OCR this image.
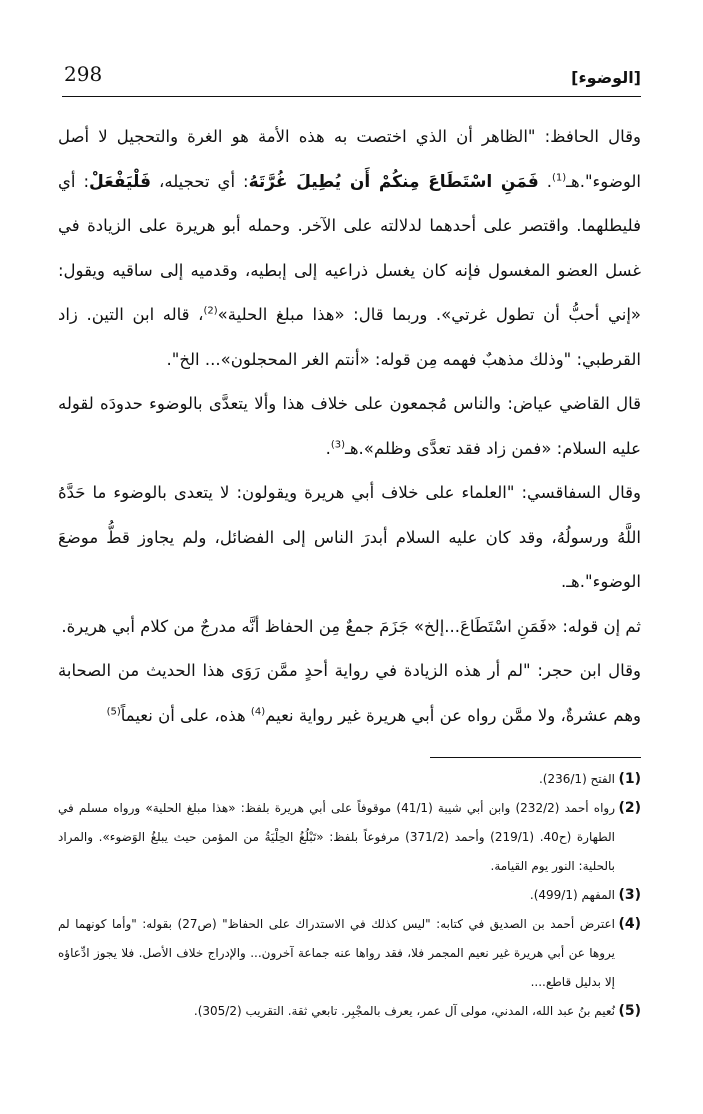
298	[الوضوء]

وقال الحافظ: "الظاهر أن الذي اختصت به هذه الأمة هو الغرة والتحجيل لا أصل الوضوء".هـ$^{(1)}$. فَمَنِ اسْتَطَاعَ مِنكُمْ أَن يُطِيلَ غُرَّتَهُ: أي تحجيله، فَلْيَفْعَلْ: أي فليطلهما. واقتصر على أحدهما لدلالته على الآخر. وحمله أبو هريرة على الزيادة في غسل العضو المغسول فإنه كان يغسل ذراعيه إلى إبطيه، وقدميه إلى ساقيه ويقول: «إني أحبُّ أن تطول غرتي». وربما قال: «هذا مبلغ الحلية»$^{(2)}$، قاله ابن التين. زاد القرطبي: "وذلك مذهبٌ فهمه مِن قوله: «أنتم الغر المحجلون»... الخ".

قال القاضي عياض: والناس مُجمعون على خلاف هذا وألا يتعدَّى بالوضوء حدودَه لقوله عليه السلام: «فمن زاد فقد تعدَّى وظلم».هـ$^{(3)}$.

وقال السفاقسي: "العلماء على خلاف أبي هريرة ويقولون: لا يتعدى بالوضوء ما حَدَّهُ اللَّهُ ورسولُهُ، وقد كان عليه السلام أبدرَ الناس إلى الفضائل، ولم يجاوز قطُّ موضعَ الوضوء".هـ.

ثم إن قوله: «فَمَنِ اسْتَطَاعَ...إلخ» جَزَمَ جمعٌ مِن الحفاظ أنَّه مدرجٌ من كلام أبي هريرة.

وقال ابن حجر: "لم أر هذه الزيادة في رواية أحدٍ ممَّن رَوَى هذا الحديث من الصحابة وهم عشرةٌ، ولا ممَّن رواه عن أبي هريرة غير رواية نعيم$^{(4)}$ هذه، على أن نعيماً$^{(5)}$

(1)
الفتح (236/1).

(2)
رواه أحمد (232/2) وابن أبي شيبة (41/1) موقوفاً على أبي هريرة بلفظ: «هذا مبلغ الحلية» ورواه مسلم في الطهارة (ح40. (219/1) وأحمد (371/2) مرفوعاً بلفظ: «تَبْلُغُ الحِلْيَةُ من المؤمن حيث يبلغُ الوَضوء». والمراد بالحلية: النور يوم القيامة.

(3)
المفهم (499/1).

(4)
اعترض أحمد بن الصديق في كتابه: "ليس كذلك في الاستدراك على الحفاظ" (ص27) بقوله: "وأما كونهما لم يروها عن أبي هريرة غير نعيم المجمر فلا، فقد رواها عنه جماعة آخرون... والإدراج خلاف الأصل. فلا يجوز ادِّعاؤه إلا بدليل قاطع....

(5)
نُعيم بنُ عبد الله، المدني، مولى آل عمر، يعرف بالمجْبِر. تابعي ثقة. التقريب (305/2).
